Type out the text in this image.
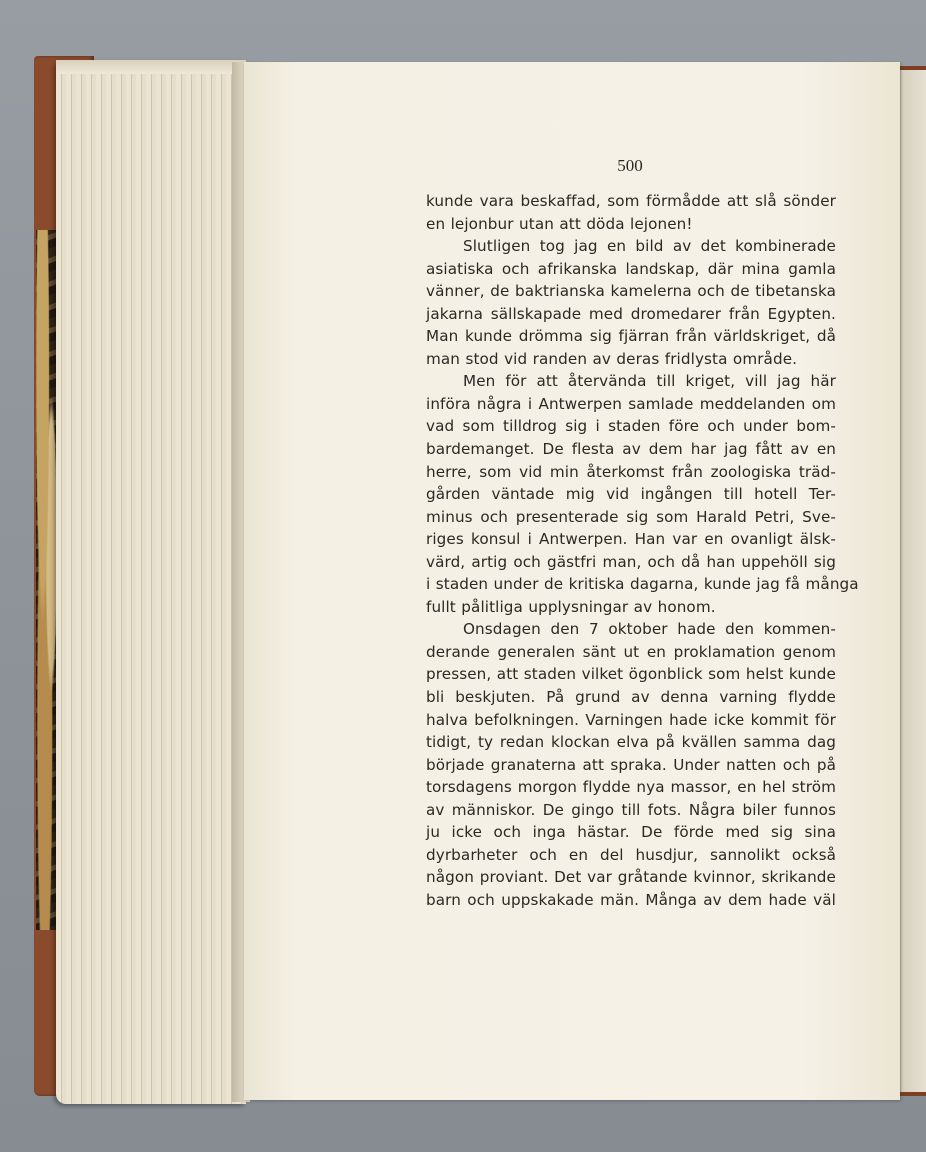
500
kunde vara beskaffad, som förmådde att slå sönder
en lejonbur utan att döda lejonen!
Slutligen tog jag en bild av det kombinerade
asiatiska och afrikanska landskap, där mina gamla
vänner, de baktrianska kamelerna och de tibetanska
jakarna sällskapade med dromedarer från Egypten.
Man kunde drömma sig fjärran från världskriget, då
man stod vid randen av deras fridlysta område.
Men för att återvända till kriget, vill jag här
införa några i Antwerpen samlade meddelanden om
vad som tilldrog sig i staden före och under bom-
bardemanget. De flesta av dem har jag fått av en
herre, som vid min återkomst från zoologiska träd-
gården väntade mig vid ingången till hotell Ter-
minus och presenterade sig som Harald Petri, Sve-
riges konsul i Antwerpen. Han var en ovanligt älsk-
värd, artig och gästfri man, och då han uppehöll sig
i staden under de kritiska dagarna, kunde jag få många
fullt pålitliga upplysningar av honom.
Onsdagen den 7 oktober hade den kommen-
derande generalen sänt ut en proklamation genom
pressen, att staden vilket ögonblick som helst kunde
bli beskjuten. På grund av denna varning flydde
halva befolkningen. Varningen hade icke kommit för
tidigt, ty redan klockan elva på kvällen samma dag
började granaterna att spraka. Under natten och på
torsdagens morgon flydde nya massor, en hel ström
av människor. De gingo till fots. Några biler funnos
ju icke och inga hästar. De förde med sig sina
dyrbarheter och en del husdjur, sannolikt också
någon proviant. Det var gråtande kvinnor, skrikande
barn och uppskakade män. Många av dem hade väl
